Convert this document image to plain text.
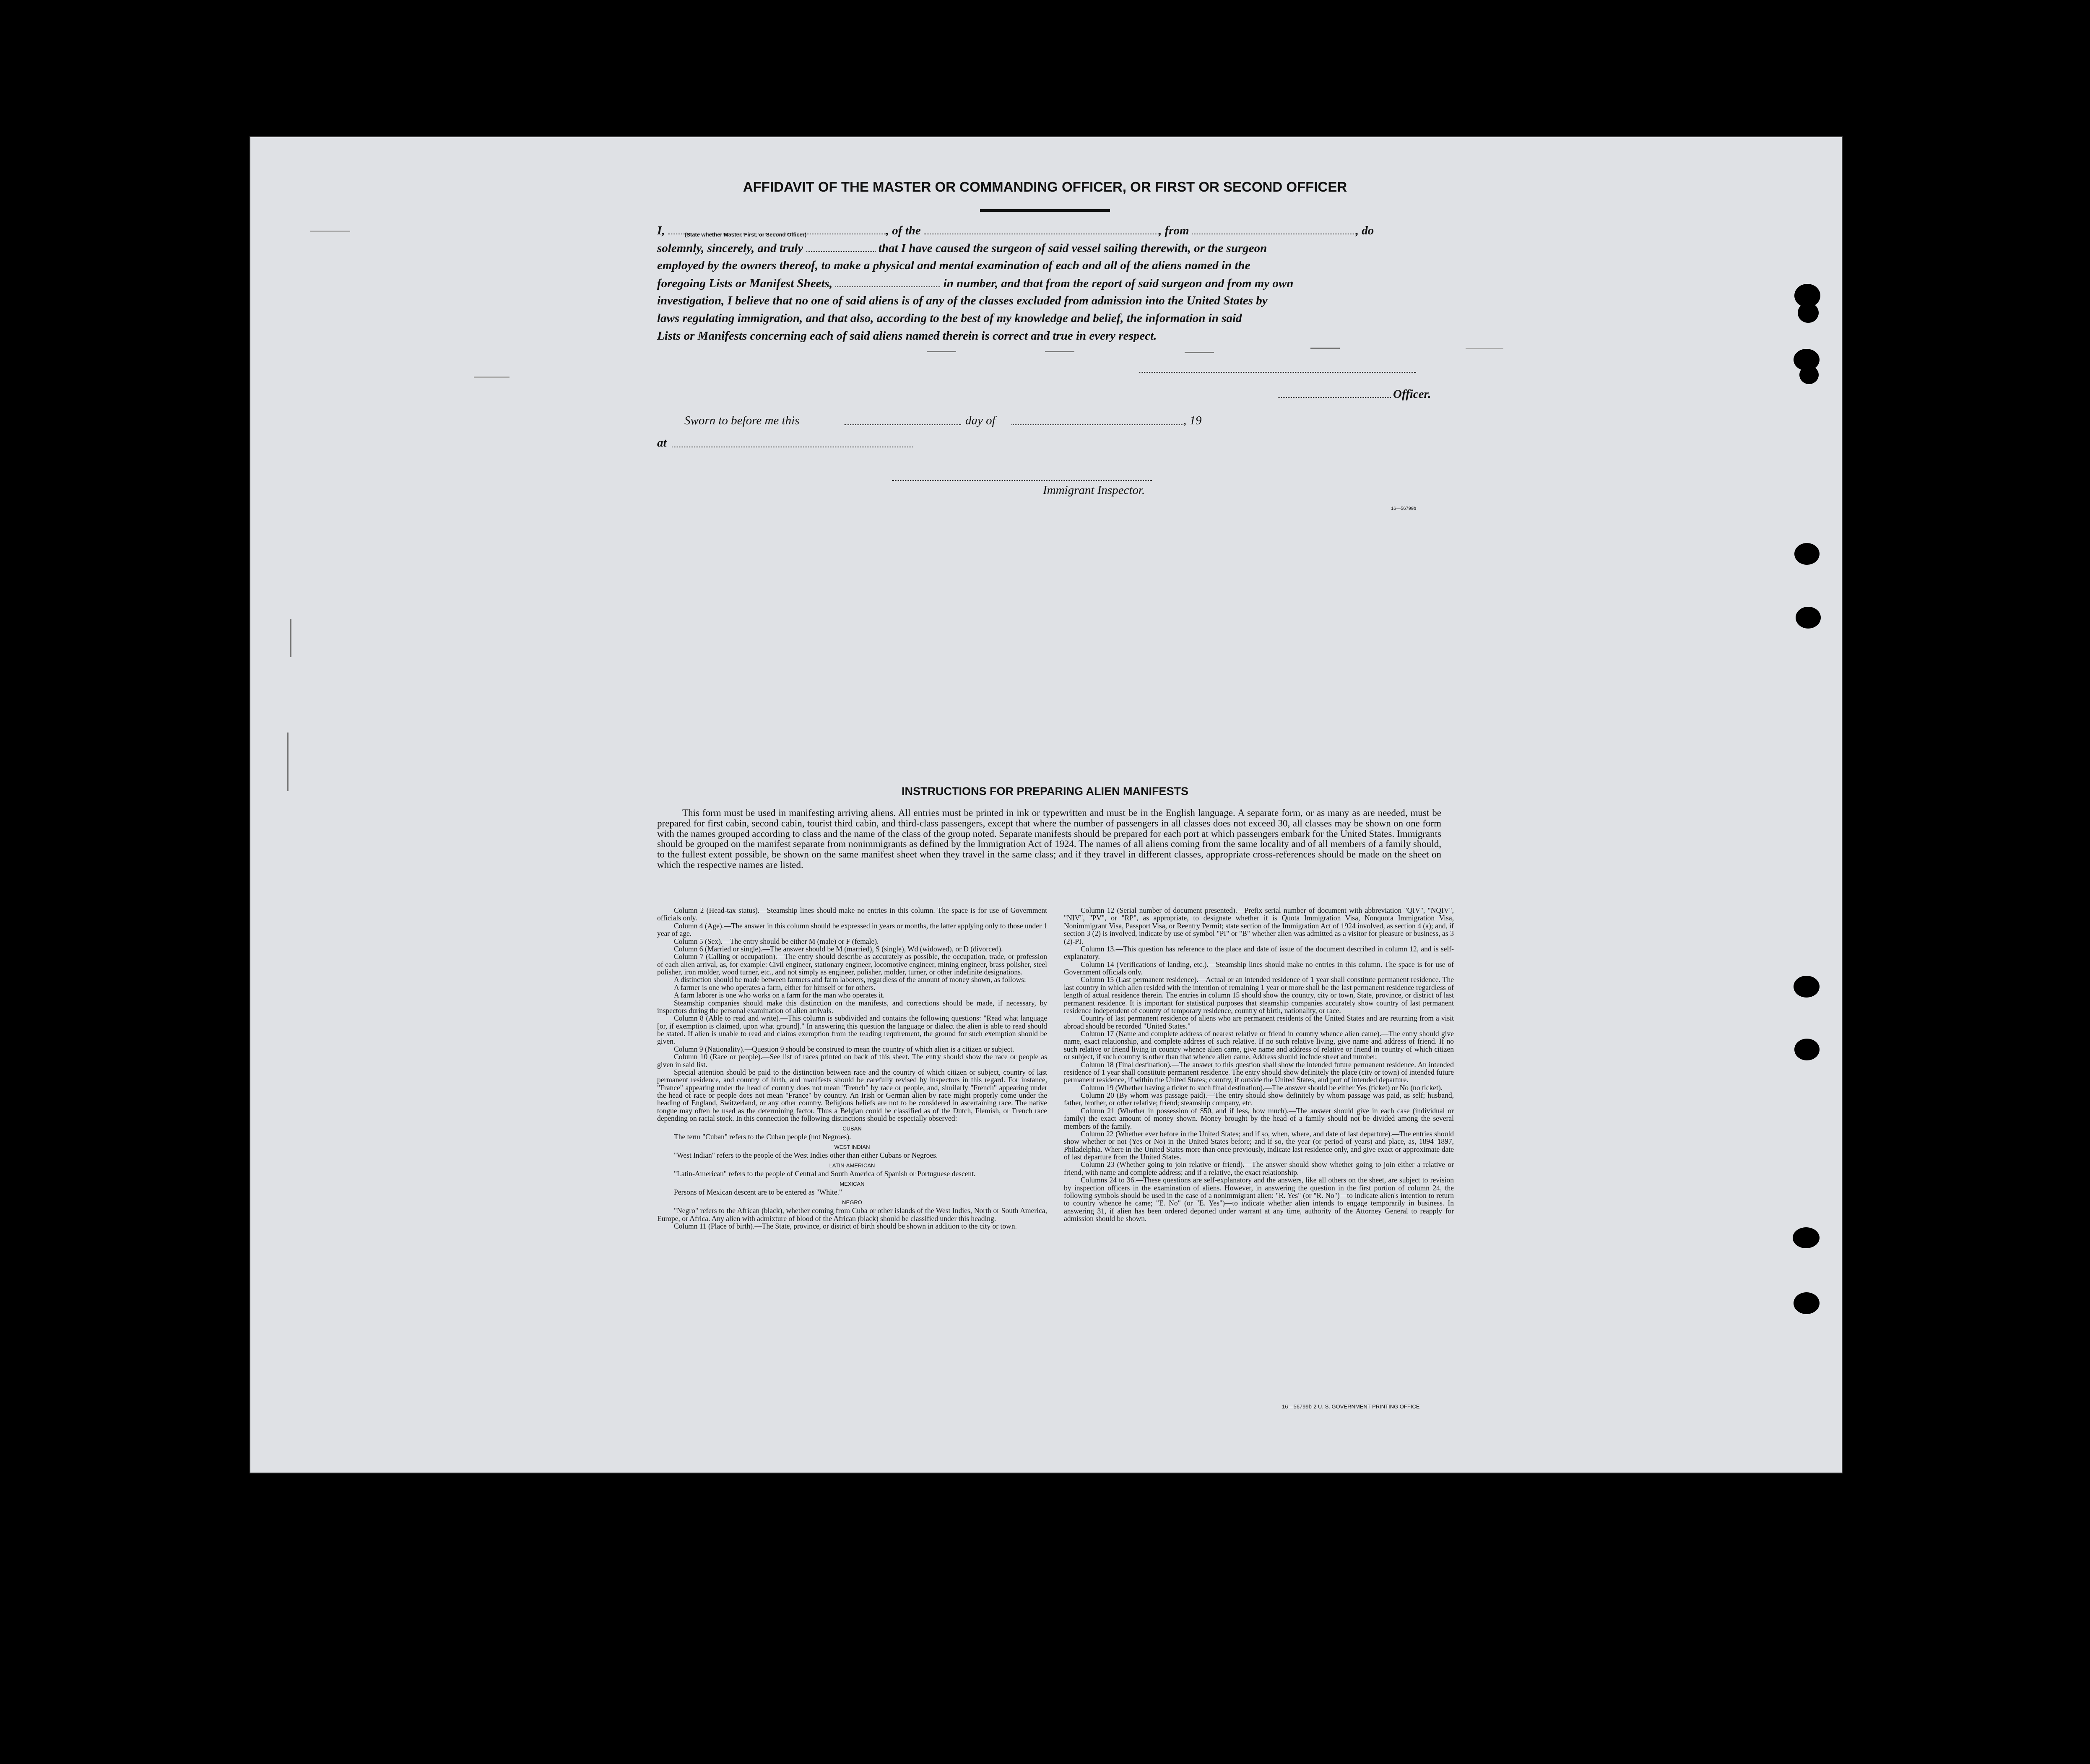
AFFIDAVIT OF THE MASTER OR COMMANDING OFFICER, OR FIRST OR SECOND OFFICER
I,	(State whether Master, First, or Second Officer)	, of the	, from	, do
solemnly, sincerely, and truly	that I have caused the surgeon of said vessel sailing therewith, or the surgeon
employed by the owners thereof, to make a physical and mental examination of each and all of the aliens named in the
foregoing Lists or Manifest Sheets,	in number, and that from the report of said surgeon and from my own
investigation, I believe that no one of said aliens is of any of the classes excluded from admission into the United States by
laws regulating immigration, and that also, according to the best of my knowledge and belief, the information in said
Lists or Manifests concerning each of said aliens named therein is correct and true in every respect.
Officer.
Sworn to before me this	day of	, 19
at
Immigrant Inspector.
16—56799b
INSTRUCTIONS FOR PREPARING ALIEN MANIFESTS
This form must be used in manifesting arriving aliens. All entries must be printed in ink or typewritten and must be in the English language. A separate form, or as many as are needed, must be prepared for first cabin, second cabin, tourist third cabin, and third-class passengers, except that where the number of passengers in all classes does not exceed 30, all classes may be shown on one form with the names grouped according to class and the name of the class of the group noted. Separate manifests should be prepared for each port at which passengers embark for the United States. Immigrants should be grouped on the manifest separate from nonimmigrants as defined by the Immigration Act of 1924. The names of all aliens coming from the same locality and of all members of a family should, to the fullest extent possible, be shown on the same manifest sheet when they travel in the same class; and if they travel in different classes, appropriate cross-references should be made on the sheet on which the respective names are listed.

Column 2 (Head-tax status).—Steamship lines should make no entries in this column. The space is for use of Government officials only.

Column 4 (Age).—The answer in this column should be expressed in years or months, the latter applying only to those under 1 year of age.

Column 5 (Sex).—The entry should be either M (male) or F (female).

Column 6 (Married or single).—The answer should be M (married), S (single), Wd (widowed), or D (divorced).

Column 7 (Calling or occupation).—The entry should describe as accurately as possible, the occupation, trade, or profession of each alien arrival, as, for example: Civil engineer, stationary engineer, locomotive engineer, mining engineer, brass polisher, steel polisher, iron molder, wood turner, etc., and not simply as engineer, polisher, molder, turner, or other indefinite designations.

A distinction should be made between farmers and farm laborers, regardless of the amount of money shown, as follows:

A farmer is one who operates a farm, either for himself or for others.

A farm laborer is one who works on a farm for the man who operates it.

Steamship companies should make this distinction on the manifests, and corrections should be made, if necessary, by inspectors during the personal examination of alien arrivals.

Column 8 (Able to read and write).—This column is subdivided and contains the following questions: "Read what language [or, if exemption is claimed, upon what ground]." In answering this question the language or dialect the alien is able to read should be stated. If alien is unable to read and claims exemption from the reading requirement, the ground for such exemption should be given.

Column 9 (Nationality).—Question 9 should be construed to mean the country of which alien is a citizen or subject.

Column 10 (Race or people).—See list of races printed on back of this sheet. The entry should show the race or people as given in said list.

Special attention should be paid to the distinction between race and the country of which citizen or subject, country of last permanent residence, and country of birth, and manifests should be carefully revised by inspectors in this regard. For instance, "France" appearing under the head of country does not mean "French" by race or people, and, similarly "French" appearing under the head of race or people does not mean "France" by country. An Irish or German alien by race might properly come under the heading of England, Switzerland, or any other country. Religious beliefs are not to be considered in ascertaining race. The native tongue may often be used as the determining factor. Thus a Belgian could be classified as of the Dutch, Flemish, or French race depending on racial stock. In this connection the following distinctions should be especially observed:

CUBAN

The term "Cuban" refers to the Cuban people (not Negroes).

WEST INDIAN

"West Indian" refers to the people of the West Indies other than either Cubans or Negroes.

LATIN-AMERICAN

"Latin-American" refers to the people of Central and South America of Spanish or Portuguese descent.

MEXICAN

Persons of Mexican descent are to be entered as "White."

NEGRO

"Negro" refers to the African (black), whether coming from Cuba or other islands of the West Indies, North or South America, Europe, or Africa. Any alien with admixture of blood of the African (black) should be classified under this heading.

Column 11 (Place of birth).—The State, province, or district of birth should be shown in addition to the city or town.

Column 12 (Serial number of document presented).—Prefix serial number of document with abbreviation "QIV", "NQIV", "NIV", "PV", or "RP", as appropriate, to designate whether it is Quota Immigration Visa, Nonquota Immigration Visa, Nonimmigrant Visa, Passport Visa, or Reentry Permit; state section of the Immigration Act of 1924 involved, as section 4 (a); and, if section 3 (2) is involved, indicate by use of symbol "PI" or "B" whether alien was admitted as a visitor for pleasure or business, as 3 (2)-PI.

Column 13.—This question has reference to the place and date of issue of the document described in column 12, and is self-explanatory.

Column 14 (Verifications of landing, etc.).—Steamship lines should make no entries in this column. The space is for use of Government officials only.

Column 15 (Last permanent residence).—Actual or an intended residence of 1 year shall constitute permanent residence. The last country in which alien resided with the intention of remaining 1 year or more shall be the last permanent residence regardless of length of actual residence therein. The entries in column 15 should show the country, city or town, State, province, or district of last permanent residence. It is important for statistical purposes that steamship companies accurately show country of last permanent residence independent of country of temporary residence, country of birth, nationality, or race.

Country of last permanent residence of aliens who are permanent residents of the United States and are returning from a visit abroad should be recorded "United States."

Column 17 (Name and complete address of nearest relative or friend in country whence alien came).—The entry should give name, exact relationship, and complete address of such relative. If no such relative living, give name and address of friend. If no such relative or friend living in country whence alien came, give name and address of relative or friend in country of which citizen or subject, if such country is other than that whence alien came. Address should include street and number.

Column 18 (Final destination).—The answer to this question shall show the intended future permanent residence. An intended residence of 1 year shall constitute permanent residence. The entry should show definitely the place (city or town) of intended future permanent residence, if within the United States; country, if outside the United States, and port of intended departure.

Column 19 (Whether having a ticket to such final destination).—The answer should be either Yes (ticket) or No (no ticket).

Column 20 (By whom was passage paid).—The entry should show definitely by whom passage was paid, as self; husband, father, brother, or other relative; friend; steamship company, etc.

Column 21 (Whether in possession of $50, and if less, how much).—The answer should give in each case (individual or family) the exact amount of money shown. Money brought by the head of a family should not be divided among the several members of the family.

Column 22 (Whether ever before in the United States; and if so, when, where, and date of last departure).—The entries should show whether or not (Yes or No) in the United States before; and if so, the year (or period of years) and place, as, 1894–1897, Philadelphia. Where in the United States more than once previously, indicate last residence only, and give exact or approximate date of last departure from the United States.

Column 23 (Whether going to join relative or friend).—The answer should show whether going to join either a relative or friend, with name and complete address; and if a relative, the exact relationship.

Columns 24 to 36.—These questions are self-explanatory and the answers, like all others on the sheet, are subject to revision by inspection officers in the examination of aliens. However, in answering the question in the first portion of column 24, the following symbols should be used in the case of a nonimmigrant alien: "R. Yes" (or "R. No")—to indicate alien's intention to return to country whence he came; "E. No" (or "E. Yes")—to indicate whether alien intends to engage temporarily in business. In answering 31, if alien has been ordered deported under warrant at any time, authority of the Attorney General to reapply for admission should be shown.

16—56799b-2 U. S. GOVERNMENT PRINTING OFFICE
